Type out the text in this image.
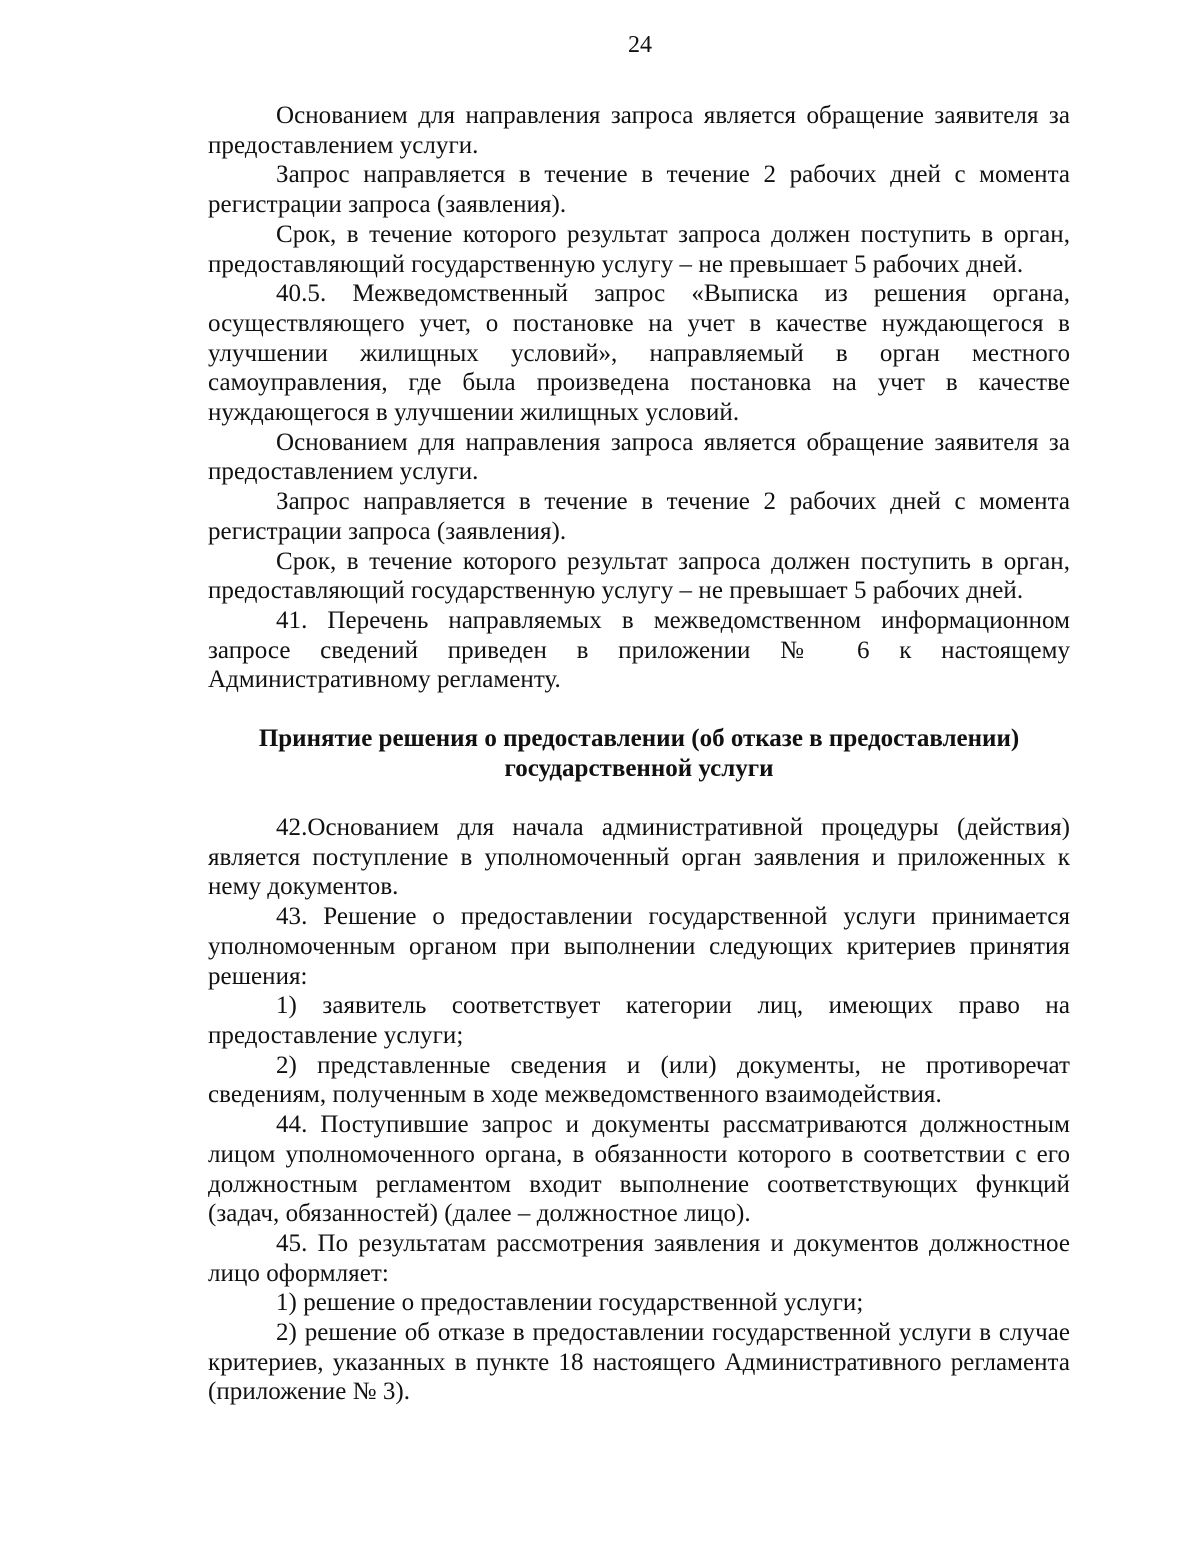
24

Основанием для направления запроса является обращение заявителя за предоставлением услуги.

Запрос направляется в течение в течение 2 рабочих дней с момента регистрации запроса (заявления).

Срок, в течение которого результат запроса должен поступить в орган, предоставляющий государственную услугу – не превышает 5 рабочих дней.

40.5. Межведомственный запрос «Выписка из решения органа, осуществляющего учет, о постановке на учет в качестве нуждающегося в улучшении жилищных условий», направляемый в орган местного самоуправления, где была произведена постановка на учет в качестве нуждающегося в улучшении жилищных условий.

Основанием для направления запроса является обращение заявителя за предоставлением услуги.

Запрос направляется в течение в течение 2 рабочих дней с момента регистрации запроса (заявления).

Срок, в течение которого результат запроса должен поступить в орган, предоставляющий государственную услугу – не превышает 5 рабочих дней.

41. Перечень направляемых в межведомственном информационном запросе сведений приведен в приложении № 6 к настоящему Административному регламенту.

Принятие решения о предоставлении (об отказе в предоставлении)
государственной услуги

42.Основанием для начала административной процедуры (действия) является поступление в уполномоченный орган заявления и приложенных к нему документов.

43. Решение о предоставлении государственной услуги принимается уполномоченным органом при выполнении следующих критериев принятия решения:

1) заявитель соответствует категории лиц, имеющих право на предоставление услуги;

2) представленные сведения и (или) документы, не противоречат сведениям, полученным в ходе межведомственного взаимодействия.

44. Поступившие запрос и документы рассматриваются должностным лицом уполномоченного органа, в обязанности которого в соответствии с его должностным регламентом входит выполнение соответствующих функций (задач, обязанностей) (далее – должностное лицо).

45. По результатам рассмотрения заявления и документов должностное лицо оформляет:

1) решение о предоставлении государственной услуги;

2) решение об отказе в предоставлении государственной услуги в случае критериев, указанных в пункте 18 настоящего Административного регламента (приложение № 3).
